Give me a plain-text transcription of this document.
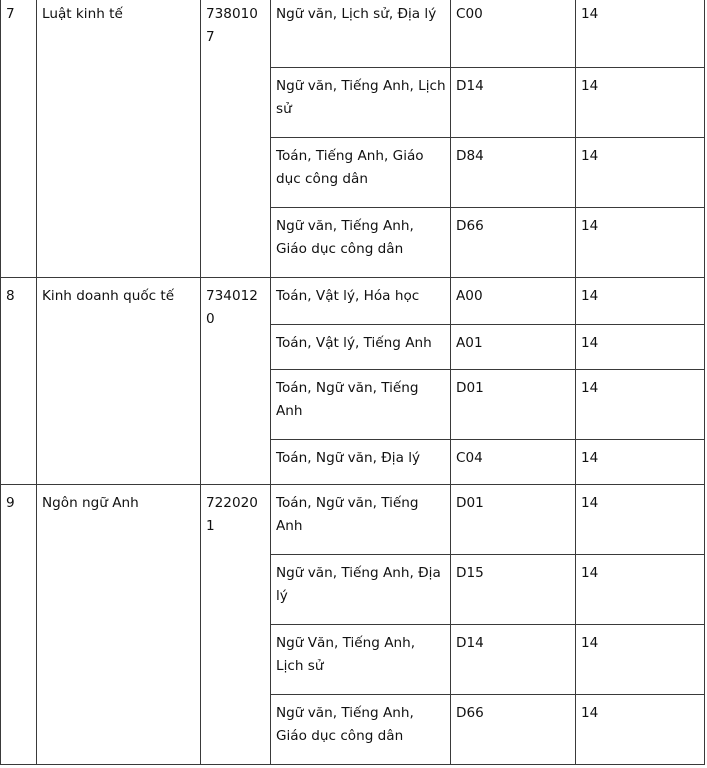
7	Luật kinh tế	7380107	Ngữ văn, Lịch sử, Địa lý	C00	14
			Ngữ văn, Tiếng Anh, Lịch sử	D14	14
			Toán, Tiếng Anh, Giáo dục công dân	D84	14
			Ngữ văn, Tiếng Anh, Giáo dục công dân	D66	14
8	Kinh doanh quốc tế	7340120	Toán, Vật lý, Hóa học	A00	14
			Toán, Vật lý, Tiếng Anh	A01	14
			Toán, Ngữ văn, Tiếng Anh	D01	14
			Toán, Ngữ văn, Địa lý	C04	14
9	Ngôn ngữ Anh	7220201	Toán, Ngữ văn, Tiếng Anh	D01	14
			Ngữ văn, Tiếng Anh, Địa lý	D15	14
			Ngữ Văn, Tiếng Anh, Lịch sử	D14	14
			Ngữ văn, Tiếng Anh, Giáo dục công dân	D66	14
